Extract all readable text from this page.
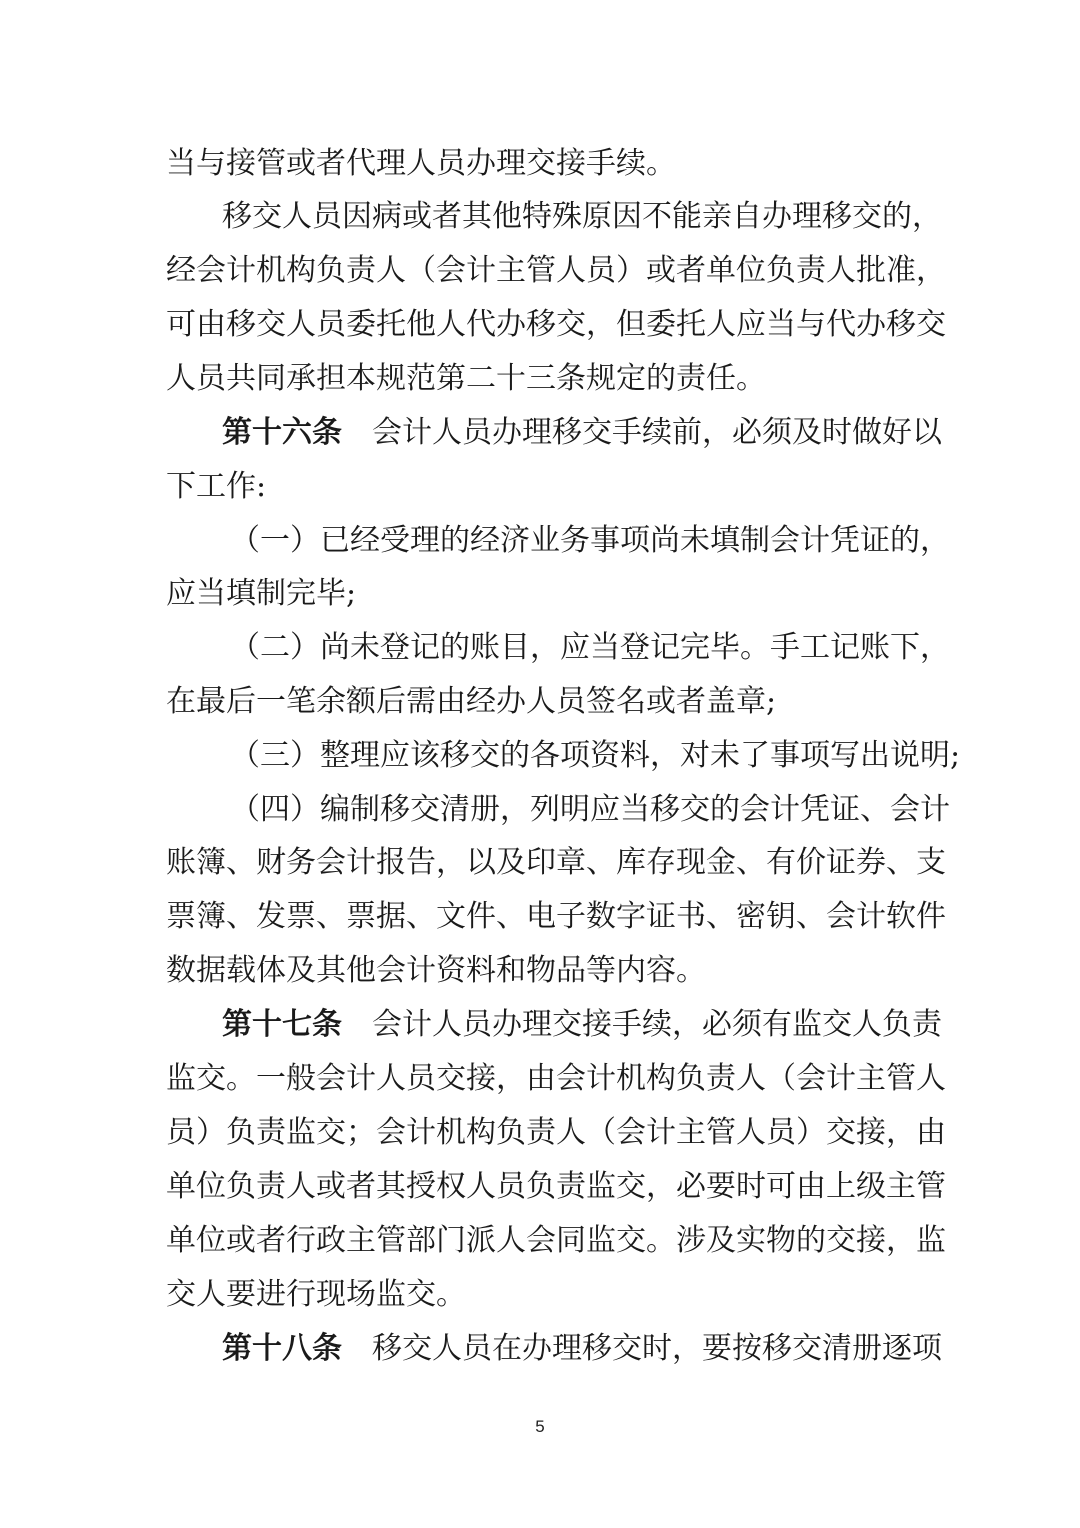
当与接管或者代理人员办理交接手续。
移交人员因病或者其他特殊原因不能亲自办理移交的，
经会计机构负责人（会计主管人员）或者单位负责人批准，
可由移交人员委托他人代办移交，但委托人应当与代办移交
人员共同承担本规范第二十三条规定的责任。
第十六条 会计人员办理移交手续前，必须及时做好以
下工作:
（一）已经受理的经济业务事项尚未填制会计凭证的，
应当填制完毕;
（二）尚未登记的账目，应当登记完毕。手工记账下，
在最后一笔余额后需由经办人员签名或者盖章;
（三）整理应该移交的各项资料，对未了事项写出说明;
（四）编制移交清册，列明应当移交的会计凭证、会计
账簿、财务会计报告，以及印章、库存现金、有价证券、支
票簿、发票、票据、文件、电子数字证书、密钥、会计软件
数据载体及其他会计资料和物品等内容。
第十七条 会计人员办理交接手续，必须有监交人负责
监交。一般会计人员交接，由会计机构负责人（会计主管人
员）负责监交；会计机构负责人（会计主管人员）交接，由
单位负责人或者其授权人员负责监交，必要时可由上级主管
单位或者行政主管部门派人会同监交。涉及实物的交接，监
交人要进行现场监交。
第十八条 移交人员在办理移交时，要按移交清册逐项
5
